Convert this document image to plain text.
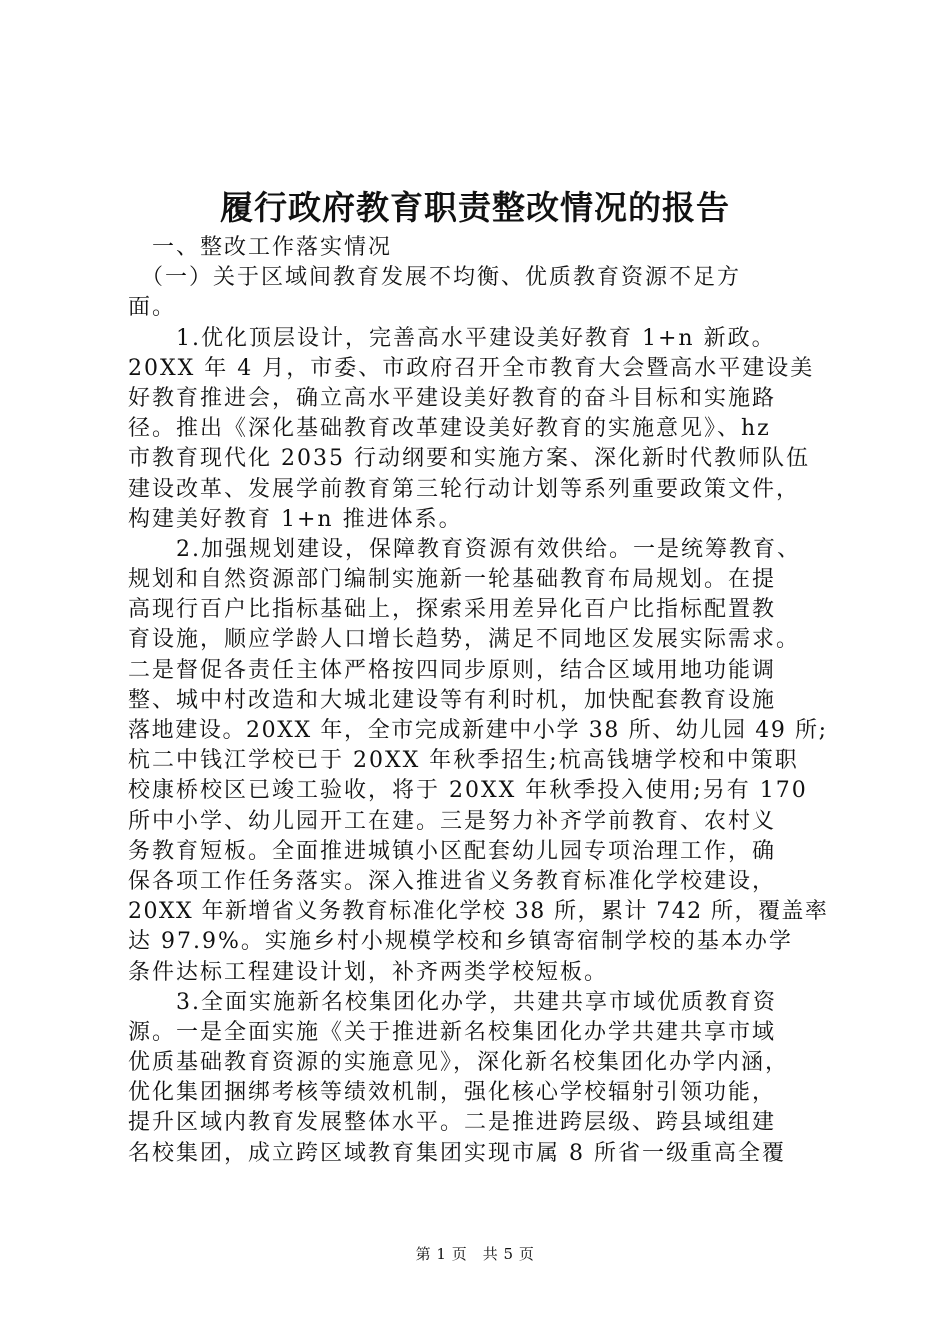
履行政府教育职责整改情况的报告
　一、整改工作落实情况
　（一）关于区域间教育发展不均衡、优质教育资源不足方
面。
　　1.优化顶层设计，完善高水平建设美好教育 1+n 新政。
20XX 年 4 月，市委、市政府召开全市教育大会暨高水平建设美
好教育推进会，确立高水平建设美好教育的奋斗目标和实施路
径。推出《深化基础教育改革建设美好教育的实施意见》、hz
市教育现代化 2035 行动纲要和实施方案、深化新时代教师队伍
建设改革、发展学前教育第三轮行动计划等系列重要政策文件，
构建美好教育 1+n 推进体系。
　　2.加强规划建设，保障教育资源有效供给。一是统筹教育、
规划和自然资源部门编制实施新一轮基础教育布局规划。在提
高现行百户比指标基础上，探索采用差异化百户比指标配置教
育设施，顺应学龄人口增长趋势，满足不同地区发展实际需求。
二是督促各责任主体严格按四同步原则，结合区域用地功能调
整、城中村改造和大城北建设等有利时机，加快配套教育设施
落地建设。20XX 年，全市完成新建中小学 38 所、幼儿园 49 所;
杭二中钱江学校已于 20XX 年秋季招生;杭高钱塘学校和中策职
校康桥校区已竣工验收，将于 20XX 年秋季投入使用;另有 170
所中小学、幼儿园开工在建。三是努力补齐学前教育、农村义
务教育短板。全面推进城镇小区配套幼儿园专项治理工作，确
保各项工作任务落实。深入推进省义务教育标准化学校建设，
20XX 年新增省义务教育标准化学校 38 所，累计 742 所，覆盖率
达 97.9%。实施乡村小规模学校和乡镇寄宿制学校的基本办学
条件达标工程建设计划，补齐两类学校短板。
　　3.全面实施新名校集团化办学，共建共享市域优质教育资
源。一是全面实施《关于推进新名校集团化办学共建共享市域
优质基础教育资源的实施意见》，深化新名校集团化办学内涵，
优化集团捆绑考核等绩效机制，强化核心学校辐射引领功能，
提升区域内教育发展整体水平。二是推进跨层级、跨县域组建
名校集团，成立跨区域教育集团实现市属 8 所省一级重高全覆
第 1 页　共 5 页
